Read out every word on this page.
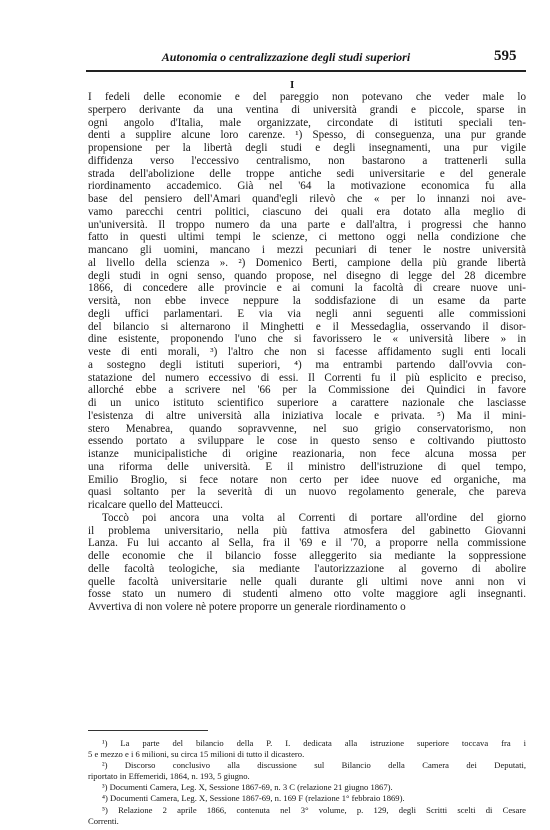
Autonomia o centralizzazione degli studi superiori	595
I
I fedeli delle economie e del pareggio non potevano che veder male lo
sperpero derivante da una ventina di università grandi e piccole, sparse in
ogni angolo d'Italia, male organizzate, circondate di istituti speciali ten-
denti a supplire alcune loro carenze. ¹) Spesso, di conseguenza, una pur grande
propensione per la libertà degli studi e degli insegnamenti, una pur vigile
diffidenza verso l'eccessivo centralismo, non bastarono a trattenerli sulla
strada dell'abolizione delle troppe antiche sedi universitarie e del generale
riordinamento accademico. Già nel '64 la motivazione economica fu alla
base del pensiero dell'Amari quand'egli rilevò che « per lo innanzi noi ave-
vamo parecchi centri politici, ciascuno dei quali era dotato alla meglio di
un'università. Il troppo numero da una parte e dall'altra, i progressi che hanno
fatto in questi ultimi tempi le scienze, ci mettono oggi nella condizione che
mancano gli uomini, mancano i mezzi pecuniari di tener le nostre università
al livello della scienza ». ²) Domenico Berti, campione della più grande libertà
degli studi in ogni senso, quando propose, nel disegno di legge del 28 dicembre
1866, di concedere alle provincie e ai comuni la facoltà di creare nuove uni-
versità, non ebbe invece neppure la soddisfazione di un esame da parte
degli uffici parlamentari. E via via negli anni seguenti alle commissioni
del bilancio si alternarono il Minghetti e il Messedaglia, osservando il disor-
dine esistente, proponendo l'uno che si favorissero le « università libere » in
veste di enti morali, ³) l'altro che non si facesse affidamento sugli enti locali
a sostegno degli istituti superiori, ⁴) ma entrambi partendo dall'ovvia con-
statazione del numero eccessivo di essi. Il Correnti fu il più esplicito e preciso,
allorché ebbe a scrivere nel '66 per la Commissione dei Quindici in favore
di un unico istituto scientifico superiore a carattere nazionale che lasciasse
l'esistenza di altre università alla iniziativa locale e privata. ⁵) Ma il mini-
stero Menabrea, quando sopravvenne, nel suo grigio conservatorismo, non
essendo portato a sviluppare le cose in questo senso e coltivando piuttosto
istanze municipalistiche di origine reazionaria, non fece alcuna mossa per
una riforma delle università. E il ministro dell'istruzione di quel tempo,
Emilio Broglio, si fece notare non certo per idee nuove ed organiche, ma
quasi soltanto per la severità di un nuovo regolamento generale, che pareva
ricalcare quello del Matteucci.
Toccò poi ancora una volta al Correnti di portare all'ordine del giorno
il problema universitario, nella più fattiva atmosfera del gabinetto Giovanni
Lanza. Fu lui accanto al Sella, fra il '69 e il '70, a proporre nella commissione
delle economie che il bilancio fosse alleggerito sia mediante la soppressione
delle facoltà teologiche, sia mediante l'autorizzazione al governo di abolire
quelle facoltà universitarie nelle quali durante gli ultimi nove anni non vi
fosse stato un numero di studenti almeno otto volte maggiore agli insegnanti.
Avvertiva di non volere nè potere proporre un generale riordinamento o
¹) La parte del bilancio della P. I. dedicata alla istruzione superiore toccava fra i
5 e mezzo e i 6 milioni, su circa 15 milioni di tutto il dicastero.
²) Discorso conclusivo alla discussione sul Bilancio della Camera dei Deputati,
riportato in Effemeridi, 1864, n. 193, 5 giugno.
³) Documenti Camera, Leg. X, Sessione 1867-69, n. 3 C (relazione 21 giugno 1867).
⁴) Documenti Camera, Leg. X, Sessione 1867-69, n. 169 F (relazione 1° febbraio 1869).
⁵) Relazione 2 aprile 1866, contenuta nel 3° volume, p. 129, degli Scritti scelti di Cesare
Correnti.
